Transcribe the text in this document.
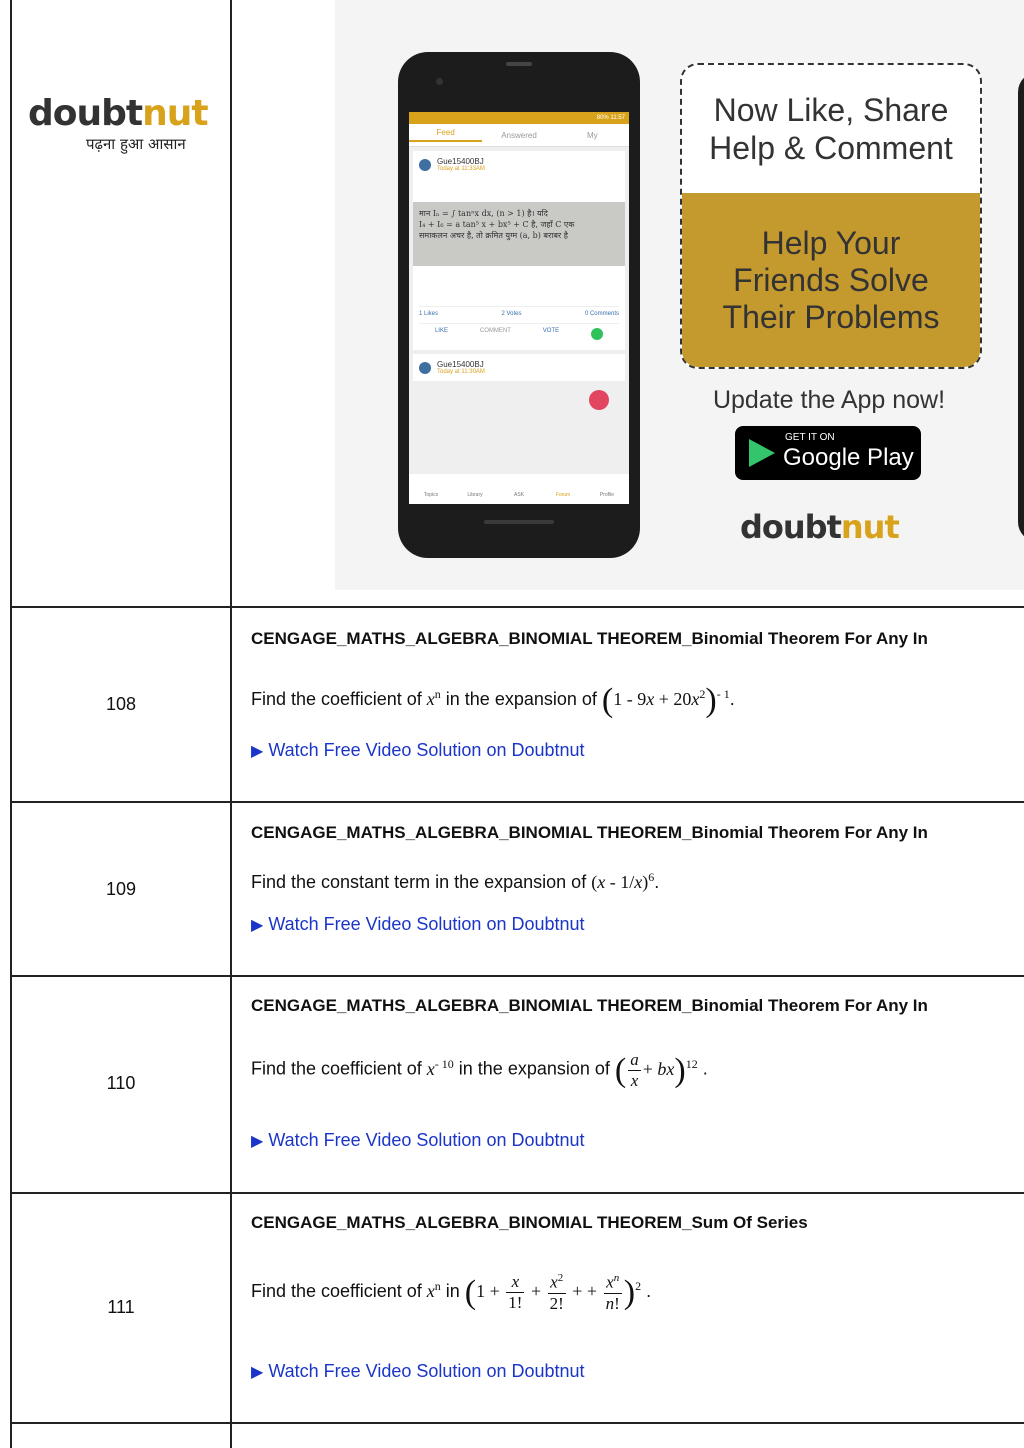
doubtnut
पढ़ना हुआ आसान
80% 11:57
Feed	Answered	My
Gue15400BJ
Today at 11:33AM
मान Iₙ = ∫ tanⁿx dx, (n > 1) है। यदि
I₄ + I₆ = a tan⁵ x + bx⁵ + C है, जहाँ C एक
समाकलन अचर है, तो क्रमित युग्म (a, b) बराबर है
1 Likes	2 Votes	0 Comments
LIKE	COMMENT	VOTE
Gue15400BJ
Today at 11:30AM
Topics	Library	ASK	Forum	Profile
Now Like, Share
Help & Comment
Help Your
Friends Solve
Their Problems
Update the App now!
GET IT ON
Google Play
doubtnut
108
CENGAGE_MATHS_ALGEBRA_BINOMIAL THEOREM_Binomial Theorem For Any In
Find the coefficient of $x^n$ in the expansion of $(1 - 9x + 20x^2)^{- 1}$.
▶︎ Watch Free Video Solution on Doubtnut
109
CENGAGE_MATHS_ALGEBRA_BINOMIAL THEOREM_Binomial Theorem For Any In
Find the constant term in the expansion of (x - 1/x)$^6$.
▶︎ Watch Free Video Solution on Doubtnut
110
CENGAGE_MATHS_ALGEBRA_BINOMIAL THEOREM_Binomial Theorem For Any In
Find the coefficient of $x^{- 10}$ in the expansion of ( $\frac{a}{x} + bx)^{12}$ .
▶︎ Watch Free Video Solution on Doubtnut
111
CENGAGE_MATHS_ALGEBRA_BINOMIAL THEOREM_Sum Of Series
Find the coefficient of $x^n$ in ($1 + \frac{x}{1!} + \frac{x^2}{2!}$ + + $\frac{x^n}{n!} )^2$ .
▶︎ Watch Free Video Solution on Doubtnut
